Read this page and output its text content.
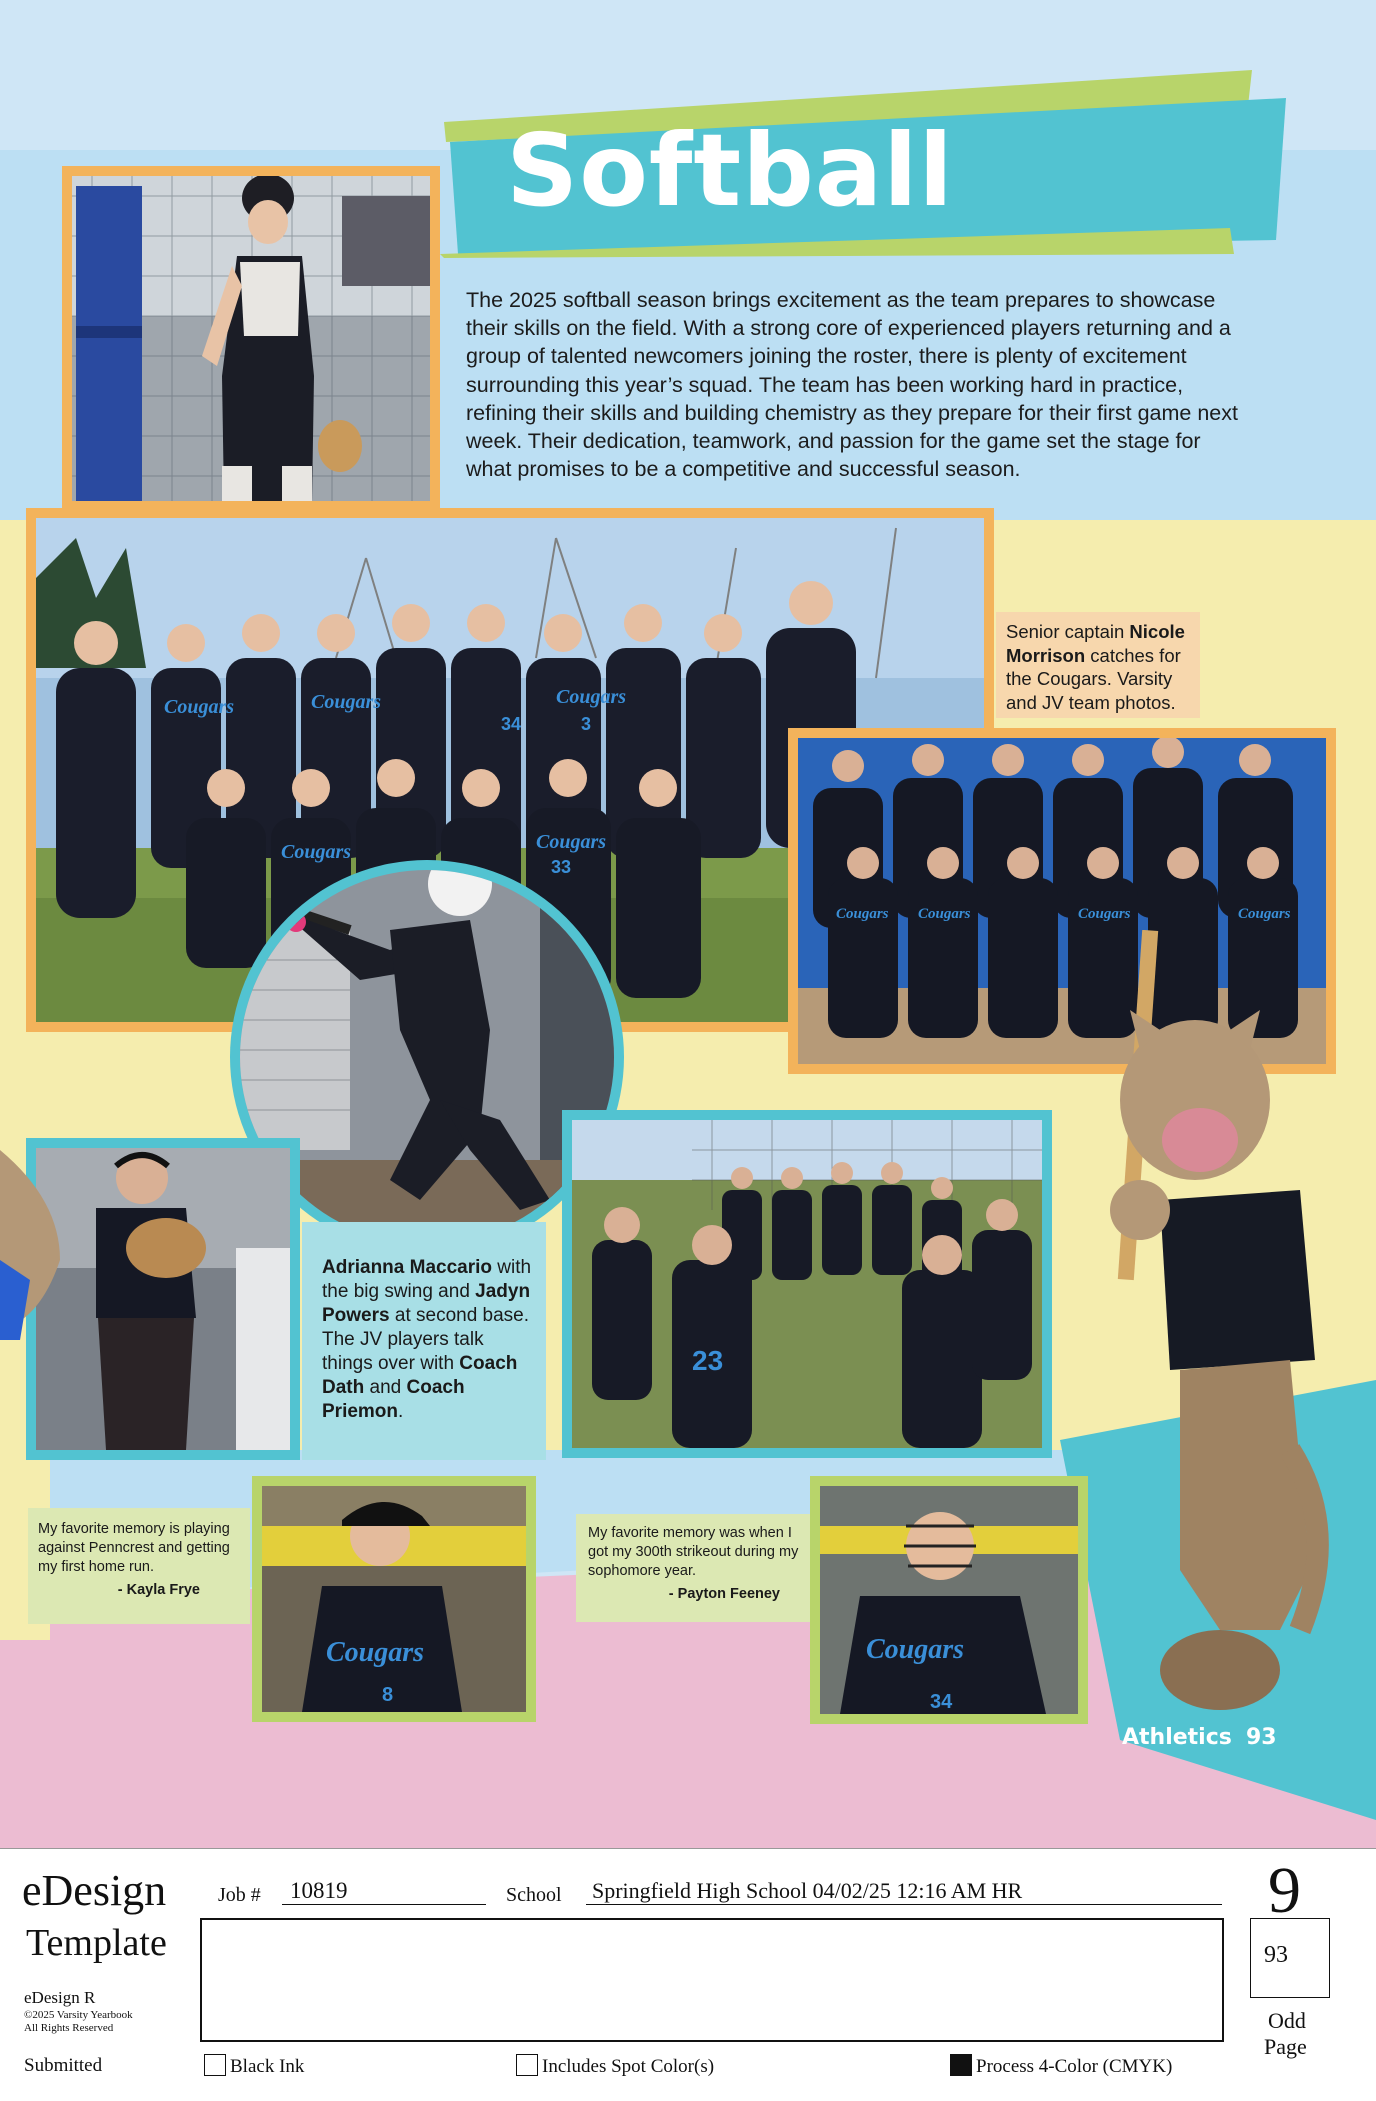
Softball
The 2025 softball season brings excitement as the team prepares to showcase their skills on the field. With a strong core of experienced players returning and a group of talented newcomers joining the roster, there is plenty of excitement surrounding this year’s squad. The team has been working hard in practice, refining their skills and building chemistry as they prepare for their first game next week. Their dedication, teamwork, and passion for the game set the stage for what promises to be a competitive and successful season.
Cougars	Cougars	Cougars
Cougars	Cougars
3
34
33
Senior captain Nicole Morrison catches for the Cougars. Varsity and JV team photos.
Cougars Cougars	Cougars	Cougars
Adrianna Maccario with the big swing and Jadyn Powers at second base. The JV players talk things over with Coach Dath and Coach Priemon.
23
My favorite memory is playing against Penncrest and getting my first home run.
- Kayla Frye
Cougars
8
My favorite memory was when I got my 300th strikeout during my sophomore year.
- Payton Feeney
Cougars
34
Athletics 93
eDesign
Template
eDesign R
©2025 Varsity Yearbook
All Rights Reserved
Submitted
Job # 10819	School Springfield High School 04/02/25 12:16 AM HR	9
93
Odd
Page
Black Ink	Includes Spot Color(s)	Process 4-Color (CMYK)
